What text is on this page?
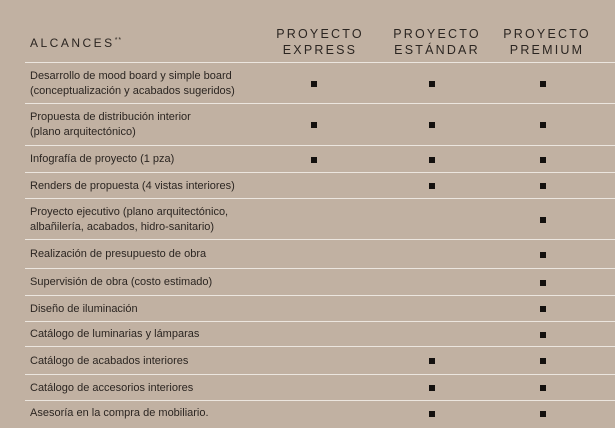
ALCANCES**	PROYECTO
EXPRESS
PROYECTO
ESTÁNDAR
PROYECTO
PREMIUM
Desarrollo de mood board y simple board
(conceptualización y acabados sugeridos)
Propuesta de distribución interior
(plano arquitectónico)
Infografía de proyecto (1 pza)
Renders de propuesta (4 vistas interiores)
Proyecto ejecutivo (plano arquitectónico,
albañilería, acabados, hidro-sanitario)
Realización de presupuesto de obra
Supervisión de obra (costo estimado)
Diseño de iluminación
Catálogo de luminarias y lámparas
Catálogo de acabados interiores
Catálogo de accesorios interiores
Asesoría en la compra de mobiliario.
